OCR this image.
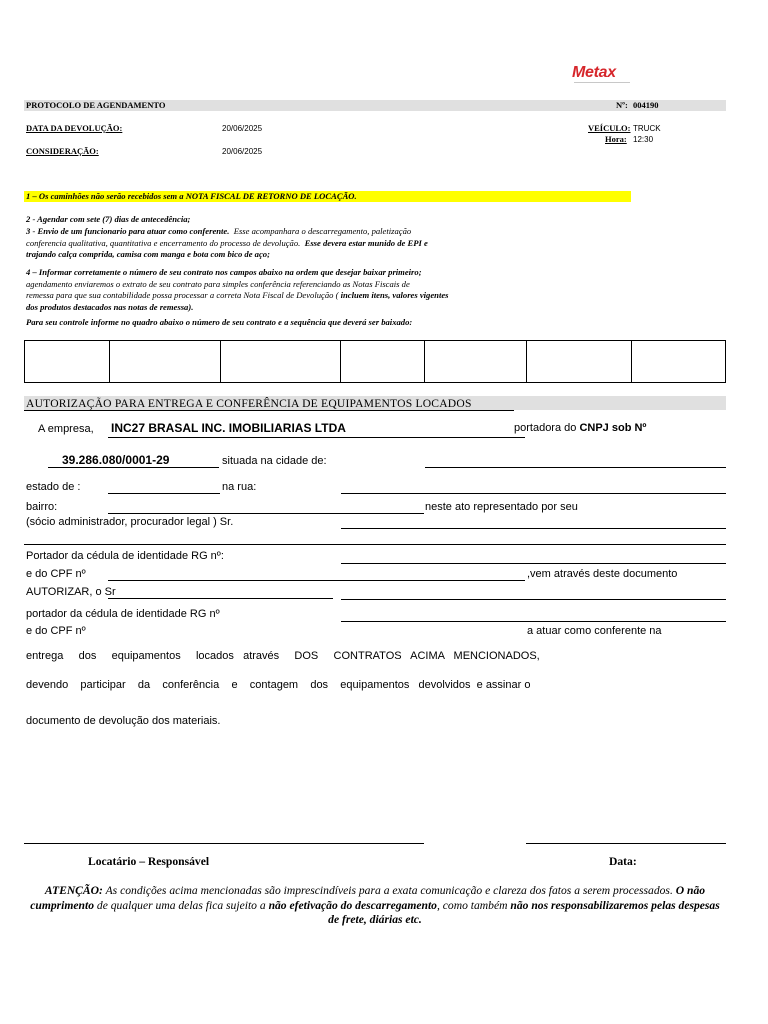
Metax
PROTOCOLO DE AGENDAMENTO	Nº: 004190
DATA DA DEVOLUÇÃO:	20/06/2025
CONSIDERAÇÃO:	20/06/2025
VEÍCULO: TRUCK
Hora: 12:30
1 – Os caminhões não serão recebidos sem a NOTA FISCAL DE RETORNO DE LOCAÇÃO.
2 - Agendar com sete (7) dias de antecedência;
3 - Envio de um funcionario para atuar como conferente. Esse acompanhara o descarregamento, paletização
conferencia qualitativa, quantitativa e encerramento do processo de devolução. Esse devera estar munido de EPI e
trajando calça comprida, camisa com manga e bota com bico de aço;
4 – Informar corretamente o número de seu contrato nos campos abaixo na ordem que desejar baixar primeiro;
agendamento enviaremos o extrato de seu contrato para simples conferência referenciando as Notas Fiscais de
remessa para que sua contabilidade possa processar a correta Nota Fiscal de Devolução ( incluem itens, valores vigentes
dos produtos destacados nas notas de remessa).
Para seu controle informe no quadro abaixo o número de seu contrato e a sequência que deverá ser baixado:

AUTORIZAÇÃO PARA ENTREGA E CONFERÊNCIA DE EQUIPAMENTOS LOCADOS
A empresa, INC27 BRASAL INC. IMOBILIARIAS LTDA	portadora do CNPJ sob Nº
39.286.080/0001-29	situada na cidade de:
estado de :	na rua:
bairro:	neste ato representado por seu
(sócio administrador, procurador legal ) Sr.
Portador da cédula de identidade RG nº:
e do CPF nº	,vem através deste documento
AUTORIZAR, o Sr
portador da cédula de identidade RG nº
e do CPF nº	a atuar como conferente na
entrega     dos     equipamentos     locados   através     DOS     CONTRATOS   ACIMA   MENCIONADOS,
devendo    participar    da    conferência    e    contagem    dos    equipamentos   devolvidos  e assinar o
documento de devolução dos materiais.
Locatário – Responsável	Data:
ATENÇÃO: As condições acima mencionadas são imprescindíveis para a exata comunicação e clareza dos fatos a serem processados. O não cumprimento de qualquer uma delas fica sujeito a não efetivação do descarregamento, como também não nos responsabilizaremos pelas despesas de frete, diárias etc.
